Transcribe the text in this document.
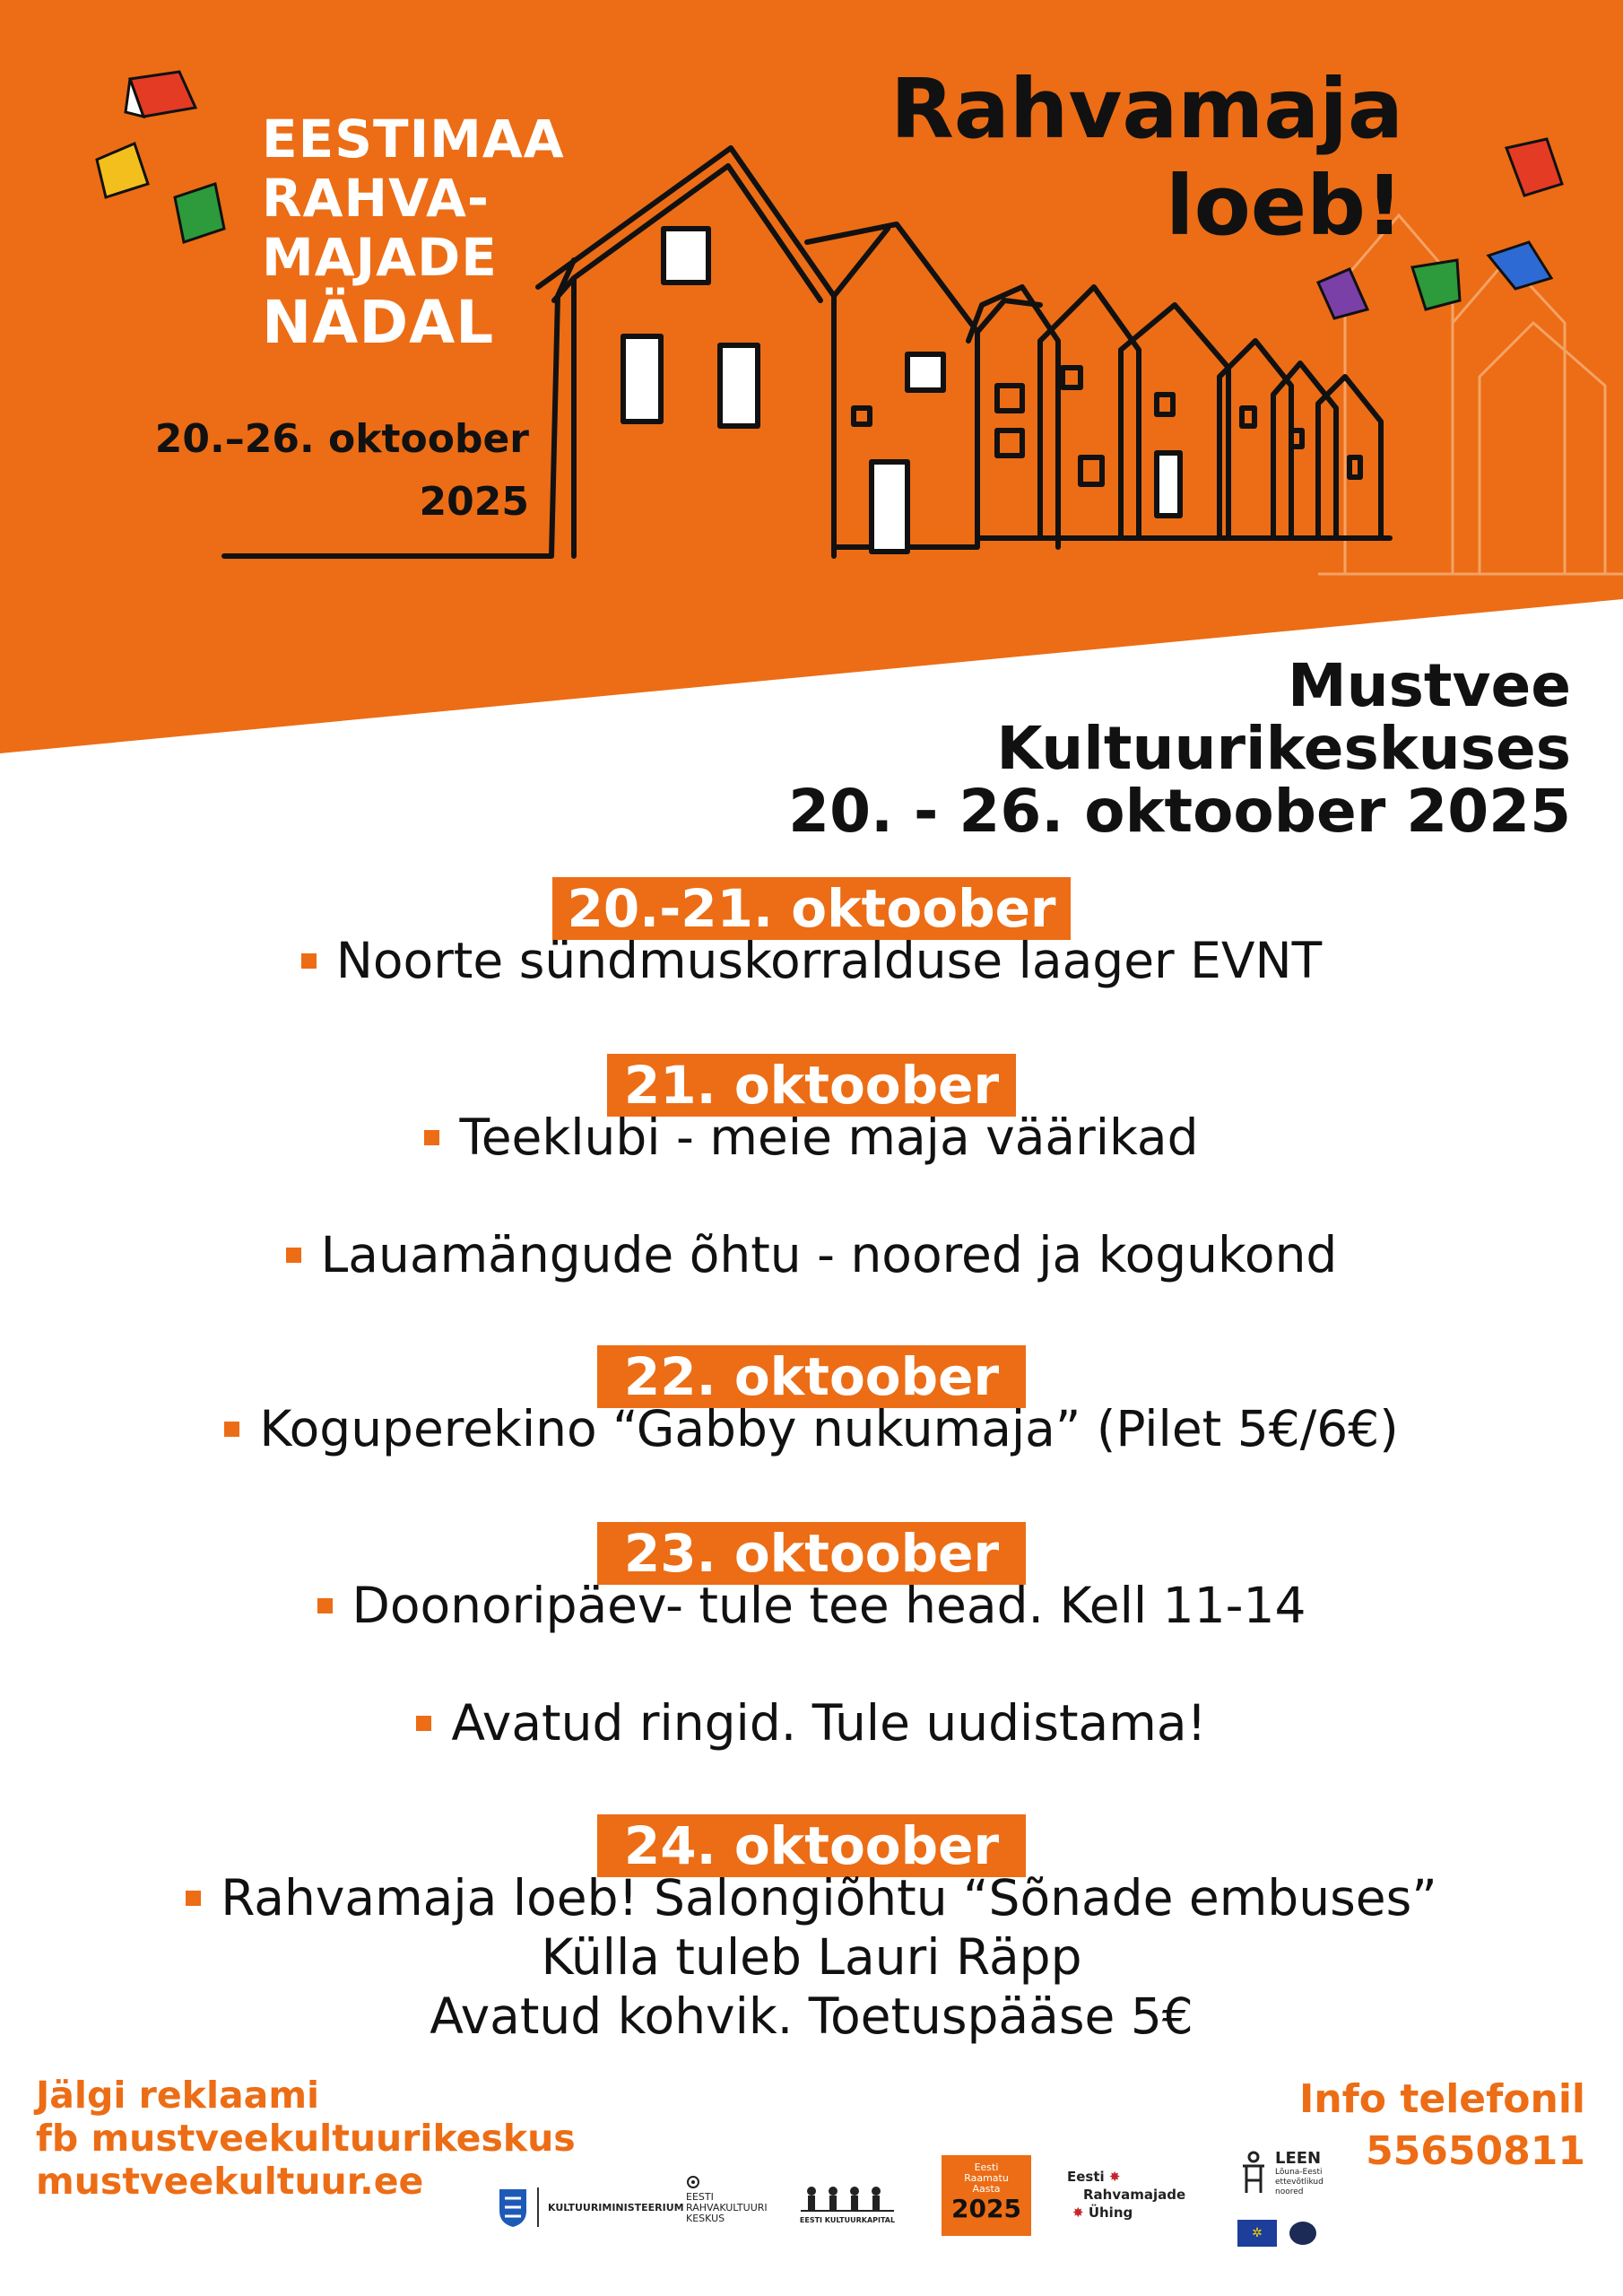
EESTIMAA
RAHVA-
MAJADE
NÄDAL
20.–26. oktoober
2025
Rahvamaja
loeb!
Mustvee
Kultuurikeskuses
20. - 26. oktoober 2025
20.-21. oktoober
Noorte sündmuskorralduse laager EVNT
21. oktoober
Teeklubi - meie maja väärikad
Lauamängude õhtu - noored ja kogukond
22. oktoober
Koguperekino “Gabby nukumaja” (Pilet 5€/6€)
23. oktoober
Doonoripäev- tule tee head. Kell 11-14
Avatud ringid. Tule uudistama!
24. oktoober
Rahvamaja loeb! Salongiõhtu “Sõnade embuses”
Külla tuleb Lauri Räpp
Avatud kohvik. Toetuspääse 5€
Jälgi reklaami
fb mustveekultuurikeskus
mustveekultuur.ee
Info telefonil
55650811
KULTUURIMINISTEERIUM
EESTI
RAHVAKULTUURI
KESKUS	EESTI KULTUURKAPITAL
Eesti
Raamatu
Aasta
2025
Eesti ✸
Rahvamajade
✸ Ühing
LEEN
Lõuna-Eesti
ettevõtlikud
noored
✲
